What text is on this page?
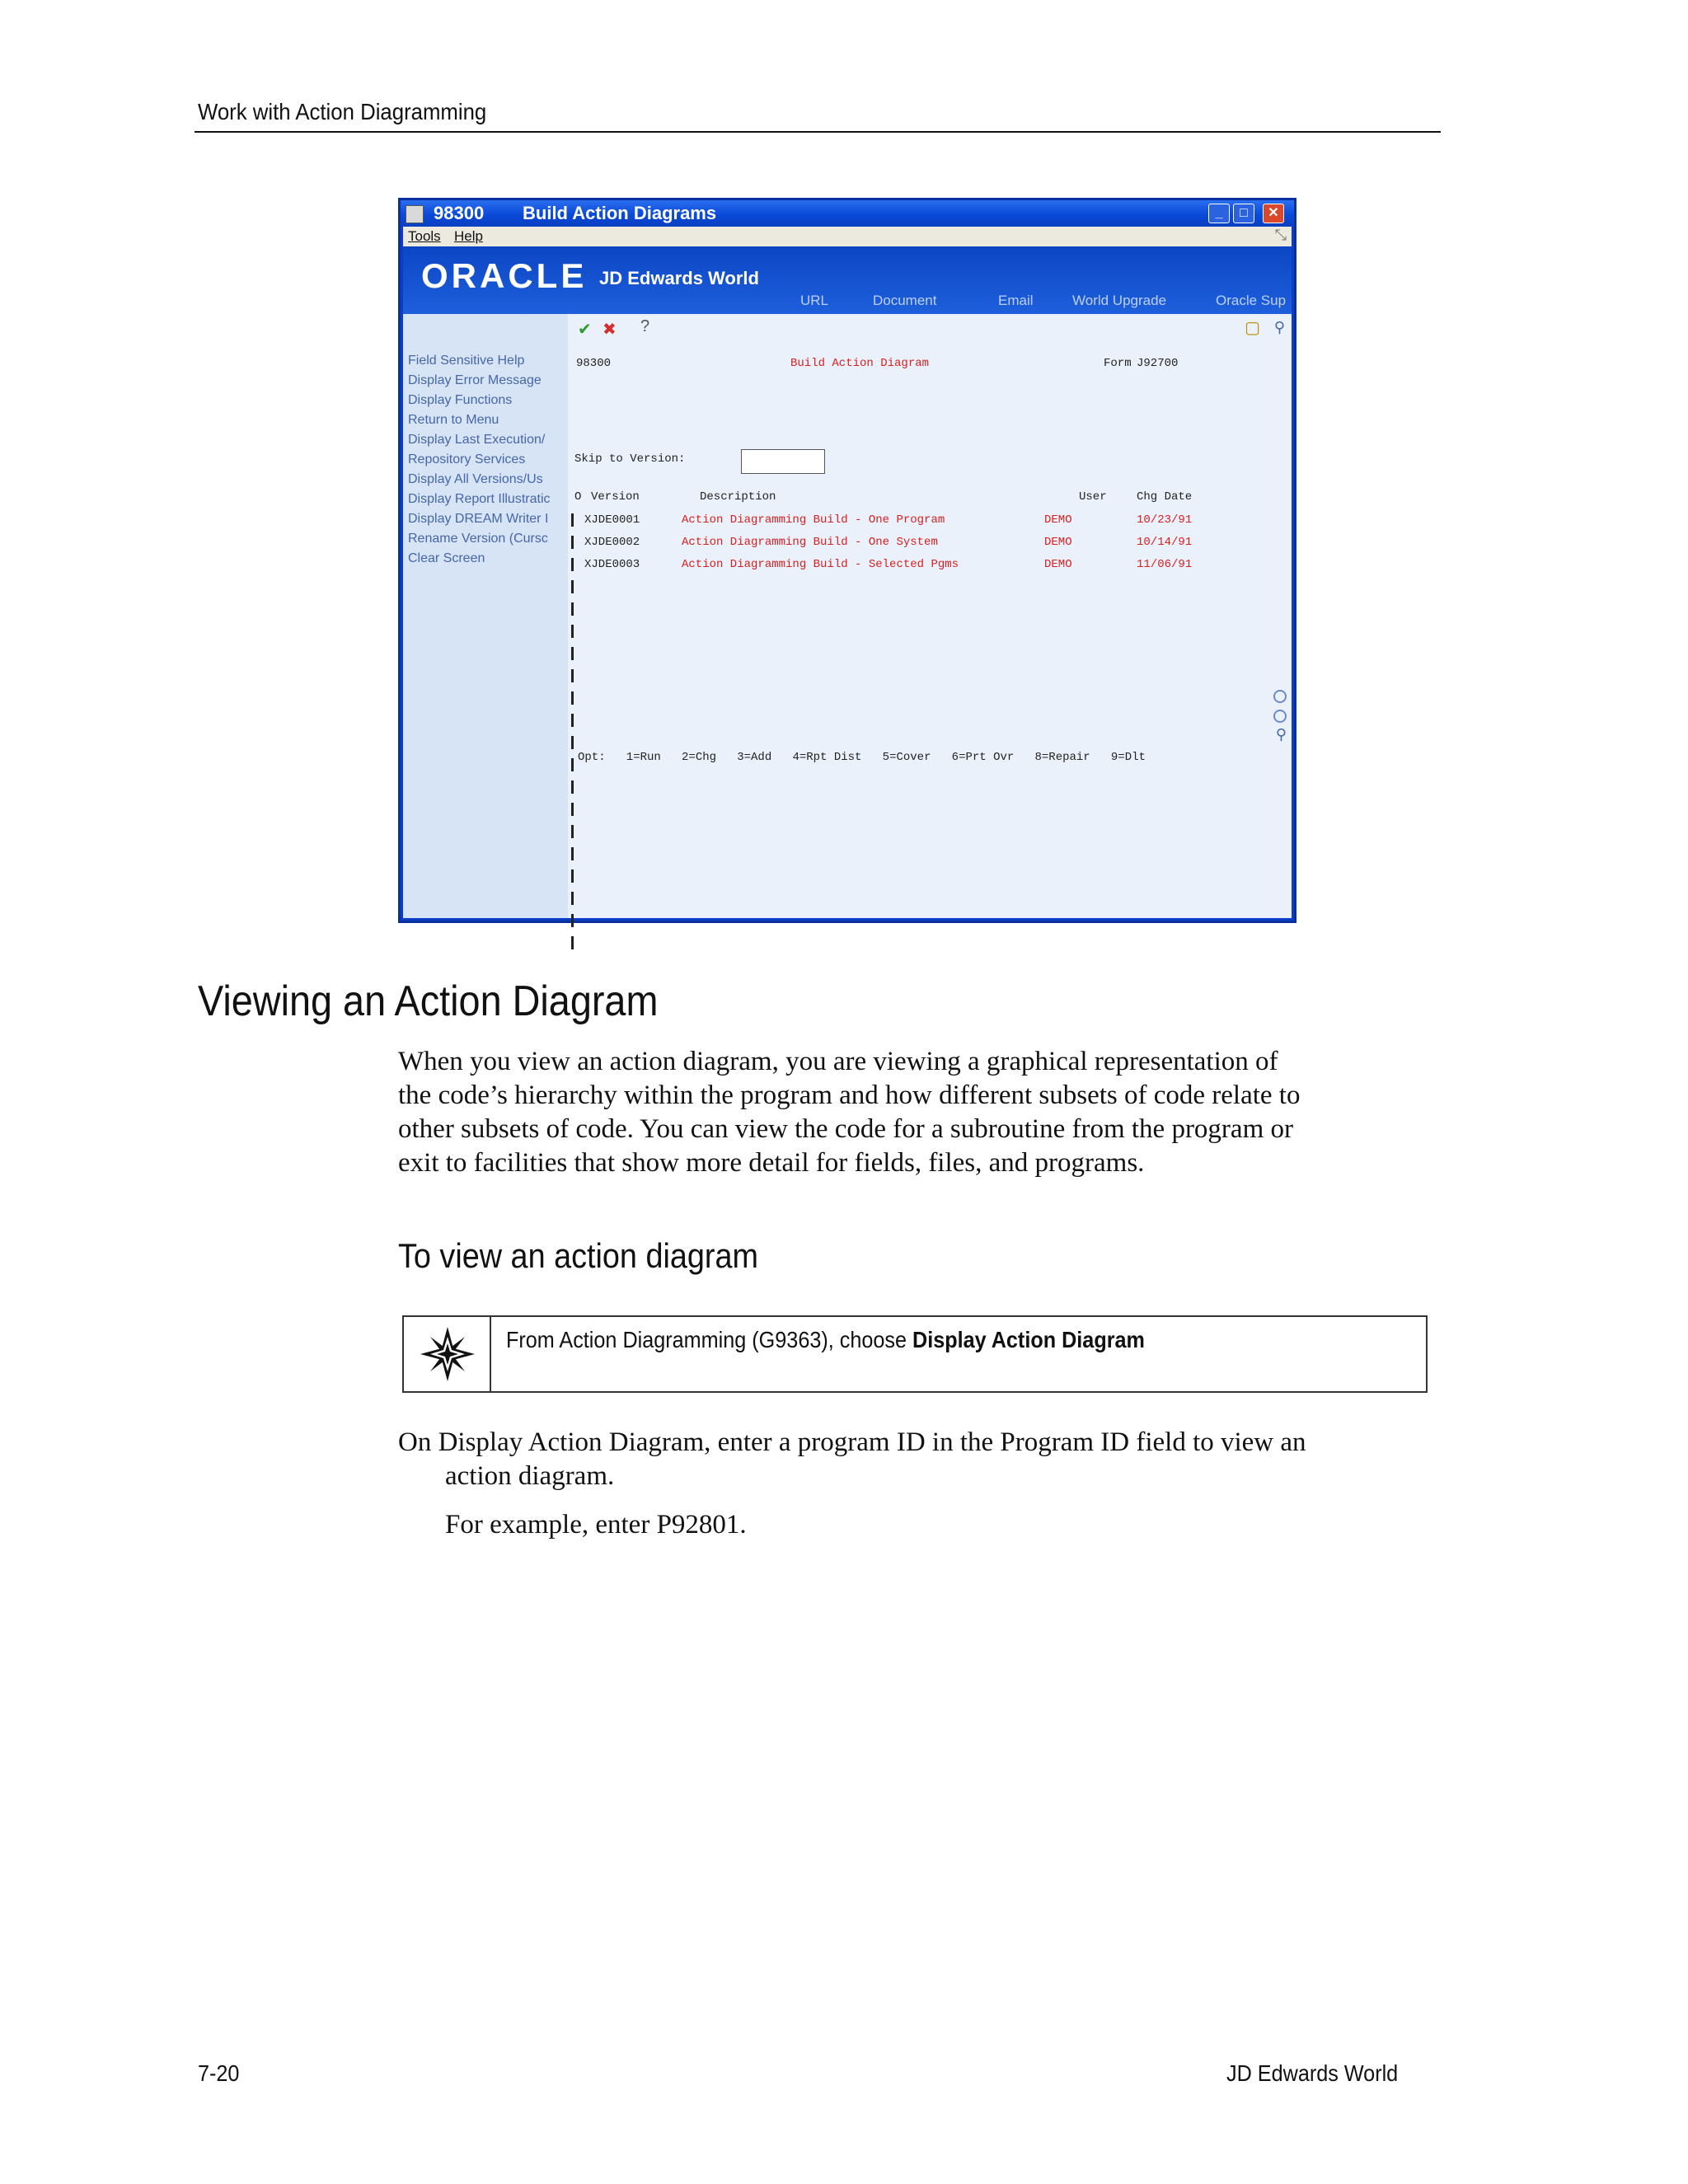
Work with Action Diagramming
98300 Build Action Diagrams	_	□	✕
Tools Help	⤡
ORACLE JD Edwards World
URL	Document	Email	World Upgrade	Oracle Sup
Field Sensitive Help
Display Error Message
Display Functions
Return to Menu
Display Last Execution/
Repository Services
Display All Versions/Us
Display Report Illustratic
Display DREAM Writer I
Rename Version (Cursc
Clear Screen
✔ ✖ ?	▢ ⚲
98300	Build Action Diagram	Form J92700
Skip to Version:
O Version	Description	User	Chg Date
XJDE0001	Action Diagramming Build - One Program	DEMO	10/23/91
XJDE0002	Action Diagramming Build - One System	DEMO	10/14/91
XJDE0003	Action Diagramming Build - Selected Pgms	DEMO	11/06/91
⚲
Opt:   1=Run   2=Chg   3=Add   4=Rpt Dist   5=Cover   6=Prt Ovr   8=Repair   9=Dlt
Viewing an Action Diagram
When you view an action diagram, you are viewing a graphical representation of
the code’s hierarchy within the program and how different subsets of code relate to
other subsets of code. You can view the code for a subroutine from the program or
exit to facilities that show more detail for fields, files, and programs.
To view an action diagram
From Action Diagramming (G9363), choose Display Action Diagram
On Display Action Diagram, enter a program ID in the Program ID field to view an
action diagram.
For example, enter P92801.
7-20	JD Edwards World
